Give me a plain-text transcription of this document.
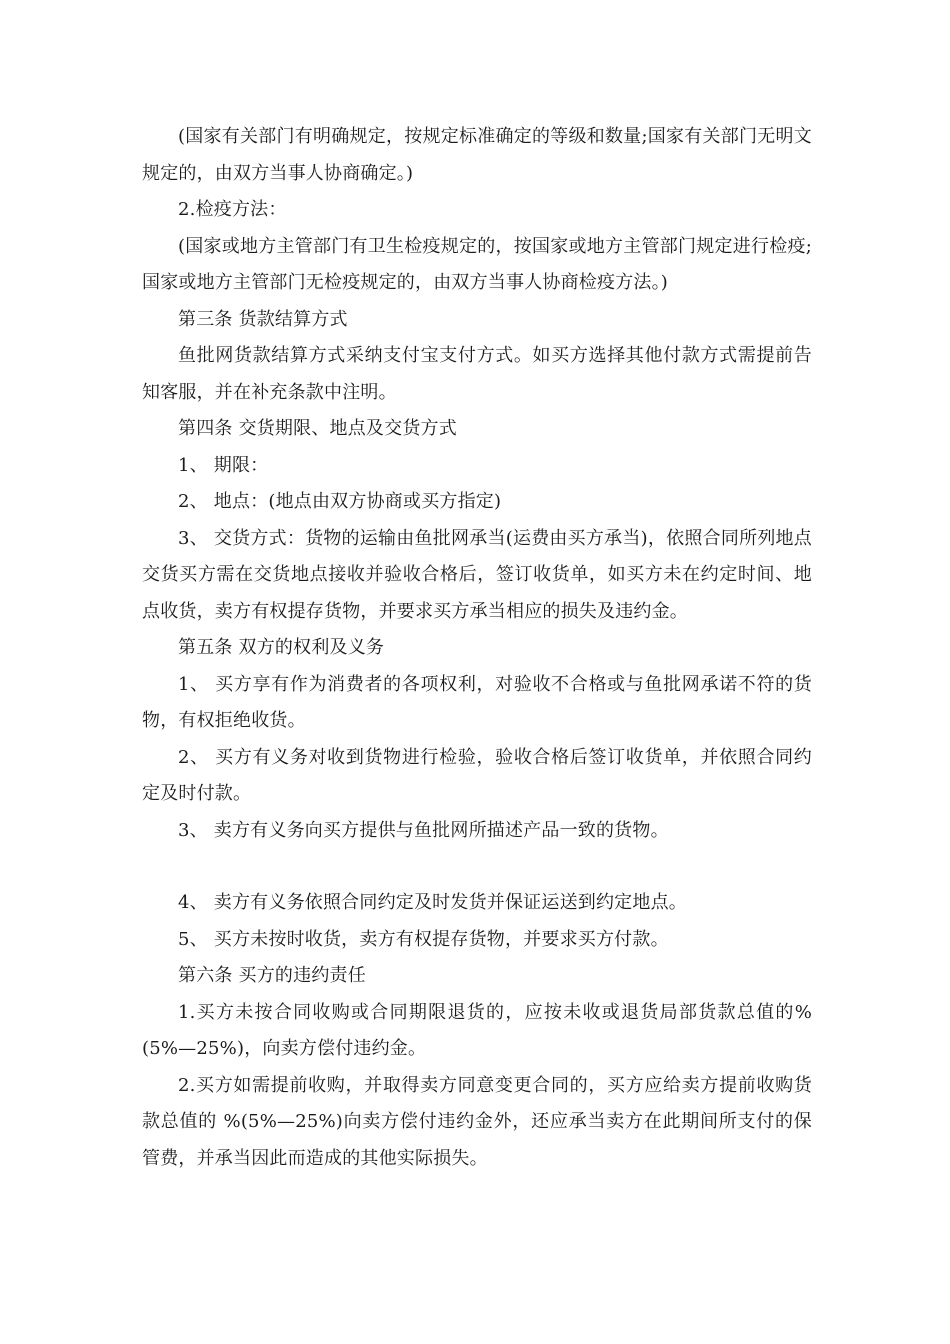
(国家有关部门有明确规定，按规定标准确定的等级和数量;国家有关部门无明文规定的，由双方当事人协商确定。)

2.检疫方法：

(国家或地方主管部门有卫生检疫规定的，按国家或地方主管部门规定进行检疫;国家或地方主管部门无检疫规定的，由双方当事人协商检疫方法。)

第三条 货款结算方式

鱼批网货款结算方式采纳支付宝支付方式。如买方选择其他付款方式需提前告知客服，并在补充条款中注明。

第四条 交货期限、地点及交货方式

1、 期限：

2、 地点：(地点由双方协商或买方指定)

3、 交货方式：货物的运输由鱼批网承当(运费由买方承当)，依照合同所列地点交货买方需在交货地点接收并验收合格后，签订收货单，如买方未在约定时间、地点收货，卖方有权提存货物，并要求买方承当相应的损失及违约金。

第五条 双方的权利及义务

1、 买方享有作为消费者的各项权利，对验收不合格或与鱼批网承诺不符的货物，有权拒绝收货。

2、 买方有义务对收到货物进行检验，验收合格后签订收货单，并依照合同约定及时付款。

3、 卖方有义务向买方提供与鱼批网所描述产品一致的货物。

4、 卖方有义务依照合同约定及时发货并保证运送到约定地点。

5、 买方未按时收货，卖方有权提存货物，并要求买方付款。

第六条 买方的违约责任

1.买方未按合同收购或合同期限退货的，应按未收或退货局部货款总值的%(5%—25%)，向卖方偿付违约金。

2.买方如需提前收购，并取得卖方同意变更合同的，买方应给卖方提前收购货款总值的 %(5%—25%)向卖方偿付违约金外，还应承当卖方在此期间所支付的保管费，并承当因此而造成的其他实际损失。
